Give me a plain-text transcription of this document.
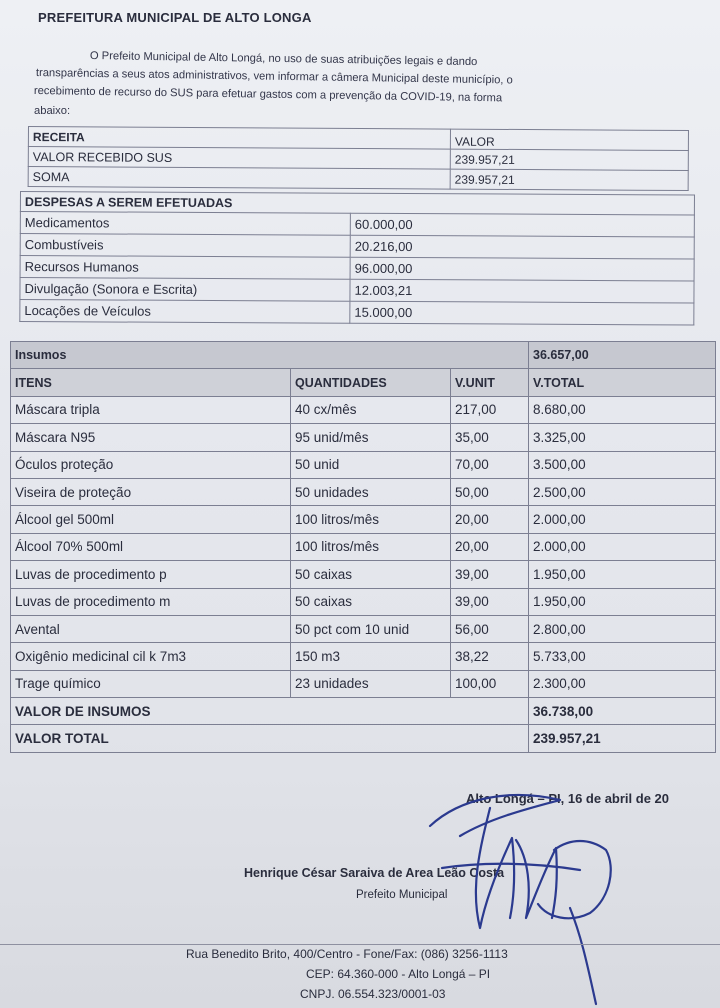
PREFEITURA MUNICIPAL DE ALTO LONGA
O Prefeito Municipal de Alto Longá, no uso de suas atribuições legais e dando
transparências a seus atos administrativos, vem informar a câmera Municipal deste município, o
recebimento de recurso do SUS para efetuar gastos com a prevenção da COVID-19, na forma
abaixo:
RECEITA	VALOR
VALOR RECEBIDO SUS	239.957,21
SOMA	239.957,21
DESPESAS A SEREM EFETUADAS	
Medicamentos	60.000,00
Combustíveis	20.216,00
Recursos Humanos	96.000,00
Divulgação (Sonora e Escrita)	12.003,21
Locações de Veículos	15.000,00
Insumos			36.657,00
ITENS	QUANTIDADES	V.UNIT	V.TOTAL
Máscara tripla	40 cx/mês	217,00	8.680,00
Máscara N95	95 unid/mês	35,00	3.325,00
Óculos proteção	50 unid	70,00	3.500,00
Viseira de proteção	50 unidades	50,00	2.500,00
Álcool gel 500ml	100 litros/mês	20,00	2.000,00
Álcool 70% 500ml	100 litros/mês	20,00	2.000,00
Luvas de procedimento p	50 caixas	39,00	1.950,00
Luvas de procedimento m	50 caixas	39,00	1.950,00
Avental	50 pct com 10 unid	56,00	2.800,00
Oxigênio medicinal cil k 7m3	150 m3	38,22	5.733,00
Trage químico	23 unidades	100,00	2.300,00
VALOR DE INSUMOS			36.738,00
VALOR TOTAL			239.957,21
Alto Longá – PI, 16 de abril de 20
Henrique César Saraiva de Area Leão Costa
Prefeito Municipal
Rua Benedito Brito, 400/Centro - Fone/Fax: (086) 3256-1113
CEP: 64.360-000 - Alto Longá – PI
CNPJ. 06.554.323/0001-03
